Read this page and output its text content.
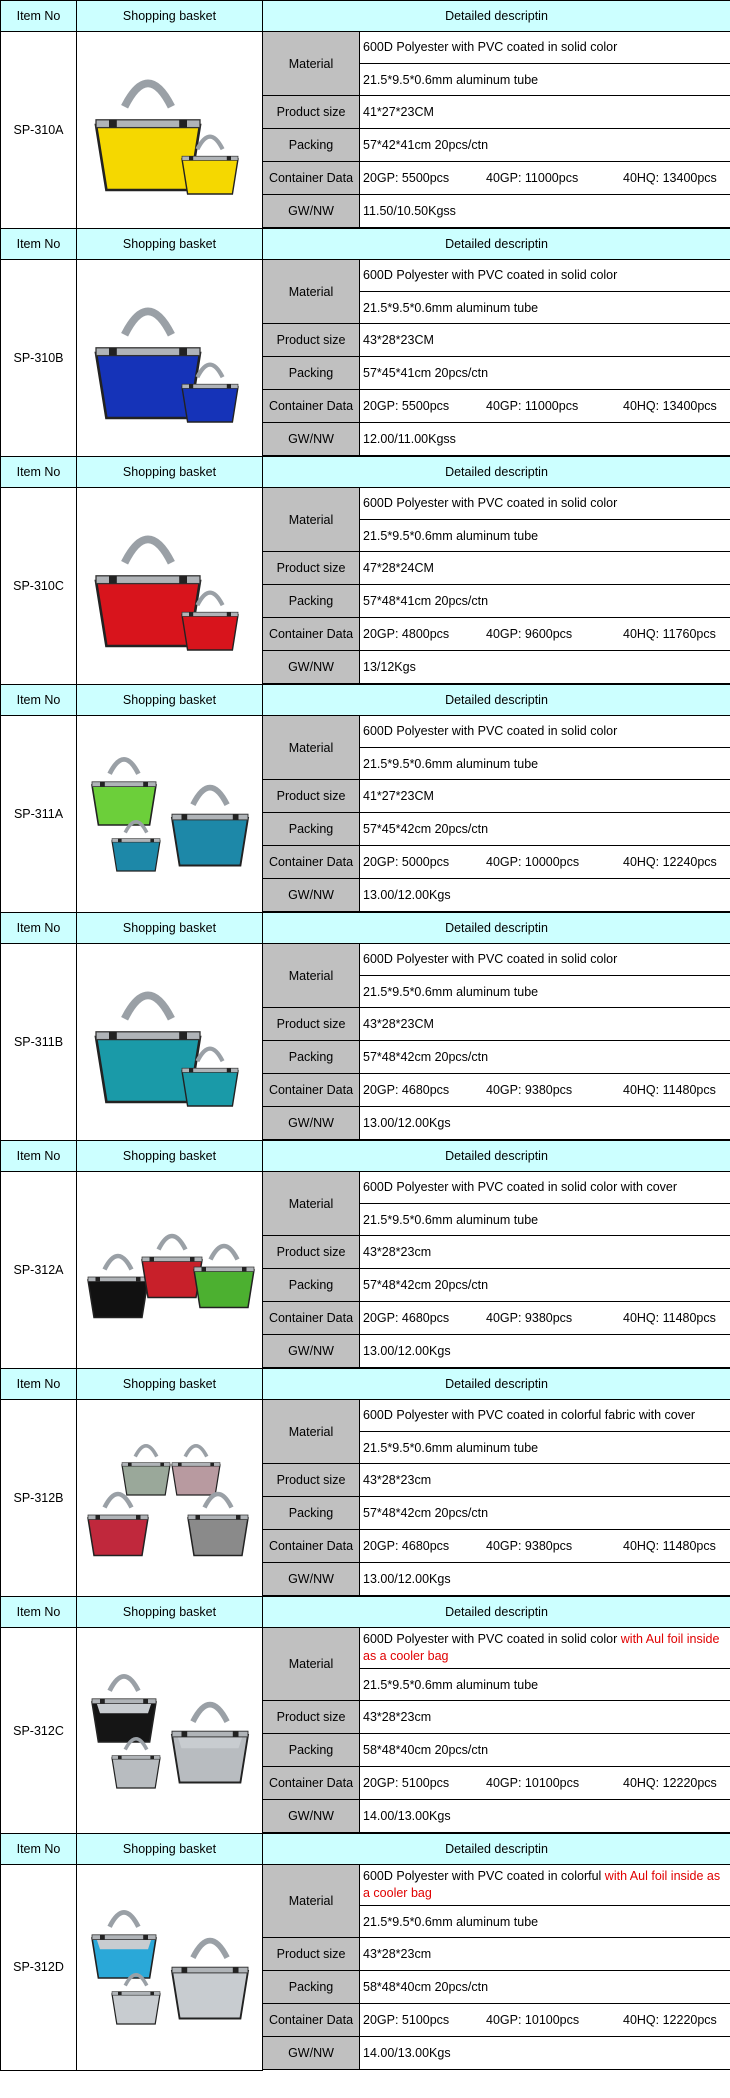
Item No	Shopping basket	Detailed descriptin	
SP-310A		Material	600D Polyester with PVC coated in solid color
			21.5*9.5*0.6mm aluminum tube
		Product size	41*27*23CM
		Packing	57*42*41cm 20pcs/ctn
		Container Data	20GP: 5500pcs 40GP: 11000pcs 40HQ: 13400pcs

		GW/NW	11.50/10.50Kgss

Item No	Shopping basket	Detailed descriptin	
SP-310B		Material	600D Polyester with PVC coated in solid color
			21.5*9.5*0.6mm aluminum tube
		Product size	43*28*23CM
		Packing	57*45*41cm 20pcs/ctn
		Container Data	20GP: 5500pcs 40GP: 11000pcs 40HQ: 13400pcs

		GW/NW	12.00/11.00Kgss

Item No	Shopping basket	Detailed descriptin	
SP-310C		Material	600D Polyester with PVC coated in solid color
			21.5*9.5*0.6mm aluminum tube
		Product size	47*28*24CM
		Packing	57*48*41cm 20pcs/ctn
		Container Data	20GP: 4800pcs 40GP: 9600pcs 40HQ: 11760pcs

		GW/NW	13/12Kgs

Item No	Shopping basket	Detailed descriptin	
SP-311A		Material	600D Polyester with PVC coated in solid color
			21.5*9.5*0.6mm aluminum tube
		Product size	41*27*23CM
		Packing	57*45*42cm 20pcs/ctn
		Container Data	20GP: 5000pcs 40GP: 10000pcs 40HQ: 12240pcs

		GW/NW	13.00/12.00Kgs

Item No	Shopping basket	Detailed descriptin	
SP-311B		Material	600D Polyester with PVC coated in solid color
			21.5*9.5*0.6mm aluminum tube
		Product size	43*28*23CM
		Packing	57*48*42cm 20pcs/ctn
		Container Data	20GP: 4680pcs 40GP: 9380pcs 40HQ: 11480pcs

		GW/NW	13.00/12.00Kgs

Item No	Shopping basket	Detailed descriptin	
SP-312A		Material	600D Polyester with PVC coated in solid color with cover
			21.5*9.5*0.6mm aluminum tube
		Product size	43*28*23cm
		Packing	57*48*42cm 20pcs/ctn
		Container Data	20GP: 4680pcs 40GP: 9380pcs 40HQ: 11480pcs

		GW/NW	13.00/12.00Kgs

Item No	Shopping basket	Detailed descriptin	
SP-312B		Material	600D Polyester with PVC coated in colorful fabric with cover
			21.5*9.5*0.6mm aluminum tube
		Product size	43*28*23cm
		Packing	57*48*42cm 20pcs/ctn
		Container Data	20GP: 4680pcs 40GP: 9380pcs 40HQ: 11480pcs

		GW/NW	13.00/12.00Kgs

Item No	Shopping basket	Detailed descriptin	
SP-312C		Material	600D Polyester with PVC coated in solid color with Aul foil inside as a cooler bag
			21.5*9.5*0.6mm aluminum tube
		Product size	43*28*23cm
		Packing	58*48*40cm 20pcs/ctn
		Container Data	20GP: 5100pcs 40GP: 10100pcs 40HQ: 12220pcs

		GW/NW	14.00/13.00Kgs

Item No	Shopping basket	Detailed descriptin	
SP-312D		Material	600D Polyester with PVC coated in colorful with Aul foil inside as a cooler bag
			21.5*9.5*0.6mm aluminum tube
		Product size	43*28*23cm
		Packing	58*48*40cm 20pcs/ctn
		Container Data	20GP: 5100pcs 40GP: 10100pcs 40HQ: 12220pcs

		GW/NW	14.00/13.00Kgs
